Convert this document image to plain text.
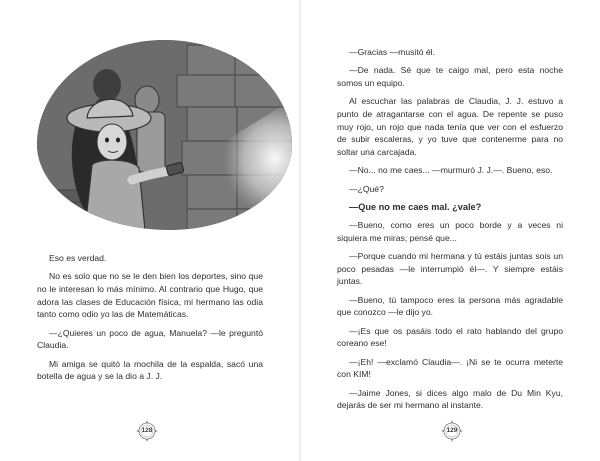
Eso es verdad.

No es solo que no se le den bien los deportes, sino que no le interesan lo más mínimo. Al contrario que Hugo, que adora las clases de Educación física, mi hermano las odia tanto como odio yo las de Matemáticas.

—¿Quieres un poco de agua, Manuela? —le preguntó Claudia.

Mi amiga se quitó la mochila de la espalda, sacó una botella de agua y se la dio a J. J.

—Gracias —musitó él.

—De nada. Sé que te caigo mal, pero esta noche somos un equipo.

Al escuchar las palabras de Claudia, J. J. estuvo a punto de atragantarse con el agua. De repente se puso muy rojo, un rojo que nada tenía que ver con el esfuerzo de subir escaleras, y yo tuve que contenerme para no soltar una carcajada.

—No... no me caes... —murmuró J. J.—. Bueno, eso.

—¿Qué?

—Que no me caes mal. ¿vale?

—Bueno, como eres un poco borde y a veces ni siquiera me miras, pensé que...

—Porque cuando mi hermana y tú estáis juntas sois un poco pesadas —le interrumpió él—. Y siempre estáis juntas.

—Bueno, tú tampoco eres la persona más agradable que conozco —le dijo yo.

—¡Es que os pasáis todo el rato hablando del grupo coreano ese!

—¡Eh! —exclamó Claudia—. ¡Ni se te ocurra meterte con KIM!

—Jaime Jones, si dices algo malo de Du Min Kyu, dejarás de ser mi hermano al instante.

128	129
